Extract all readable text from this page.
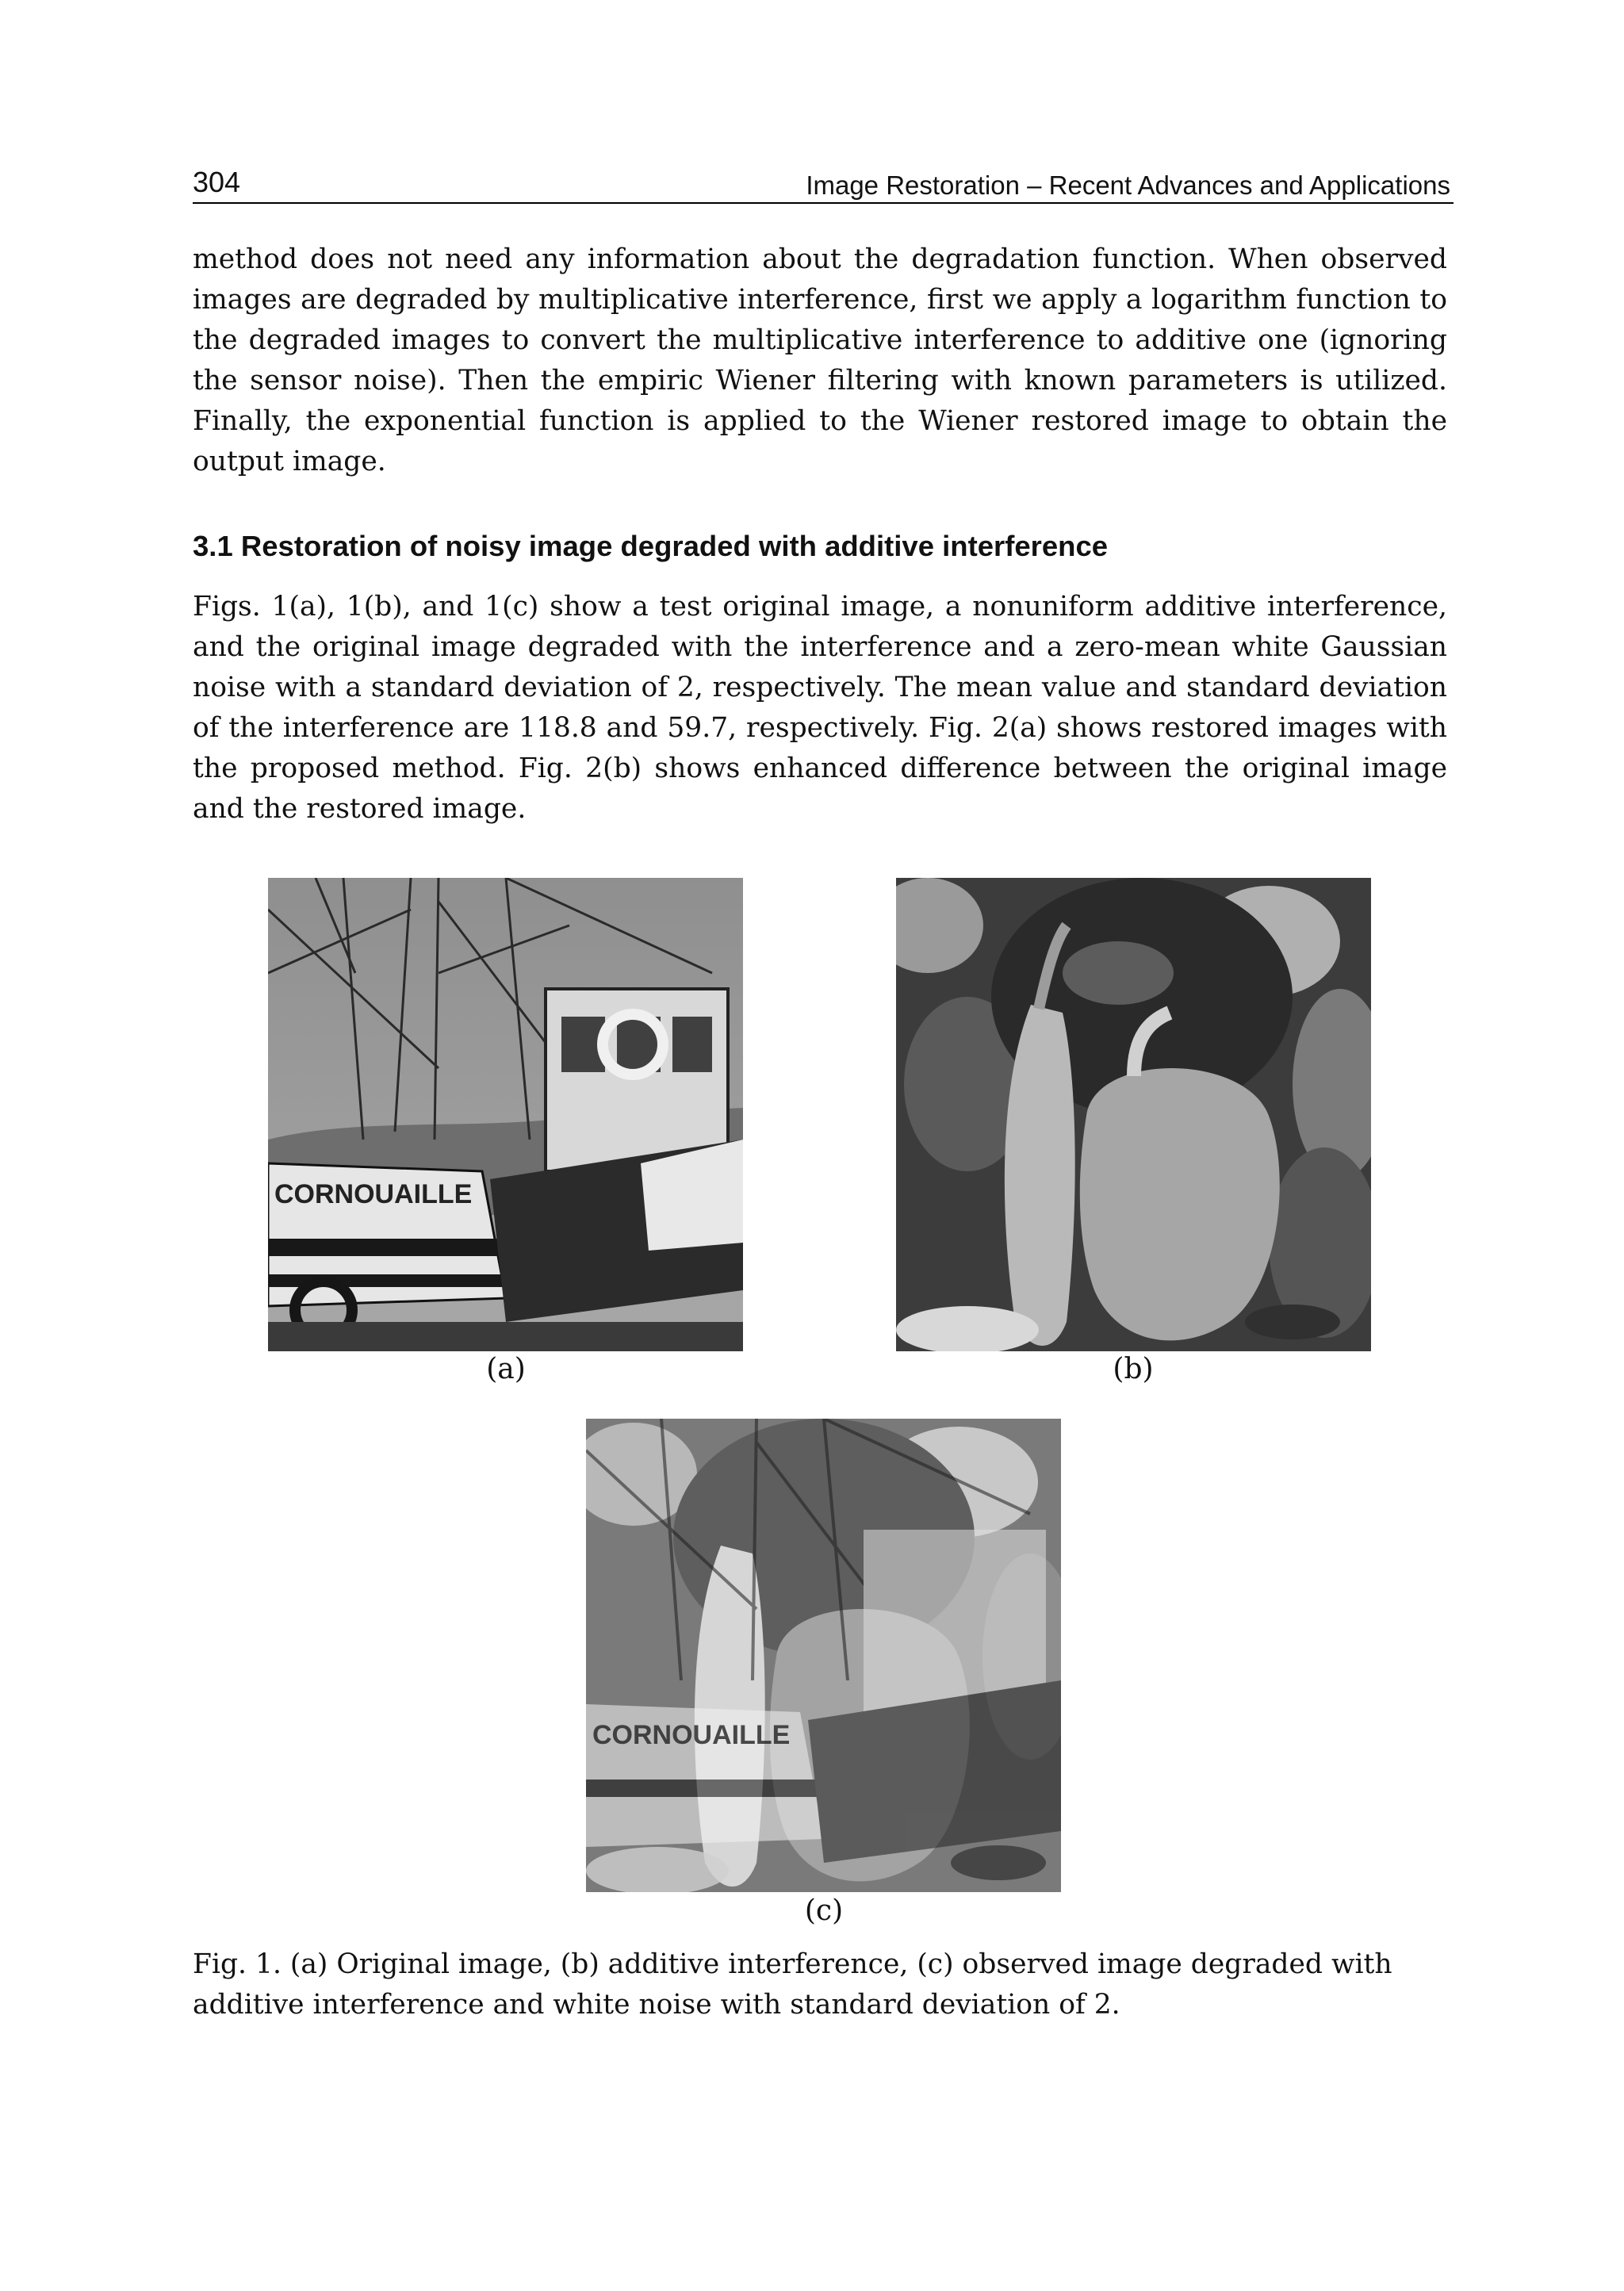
304	Image Restoration – Recent Advances and Applications

method does not need any information about the degradation function. When observed images are degraded by multiplicative interference, first we apply a logarithm function to the degraded images to convert the multiplicative interference to additive one (ignoring the sensor noise). Then the empiric Wiener filtering with known parameters is utilized. Finally, the exponential function is applied to the Wiener restored image to obtain the output image.

3.1 Restoration of noisy image degraded with additive interference

Figs. 1(a), 1(b), and 1(c) show a test original image, a nonuniform additive interference, and the original image degraded with the interference and a zero-mean white Gaussian noise with a standard deviation of 2, respectively. The mean value and standard deviation of the interference are 118.8 and 59.7, respectively. Fig. 2(a) shows restored images with the proposed method. Fig. 2(b) shows enhanced difference between the original image and the restored image.

CORNOUAILLE
CORNOUAILLE
(a)	(b)
(c)

Fig. 1. (a) Original image, (b) additive interference, (c) observed image degraded with additive interference and white noise with standard deviation of 2.
